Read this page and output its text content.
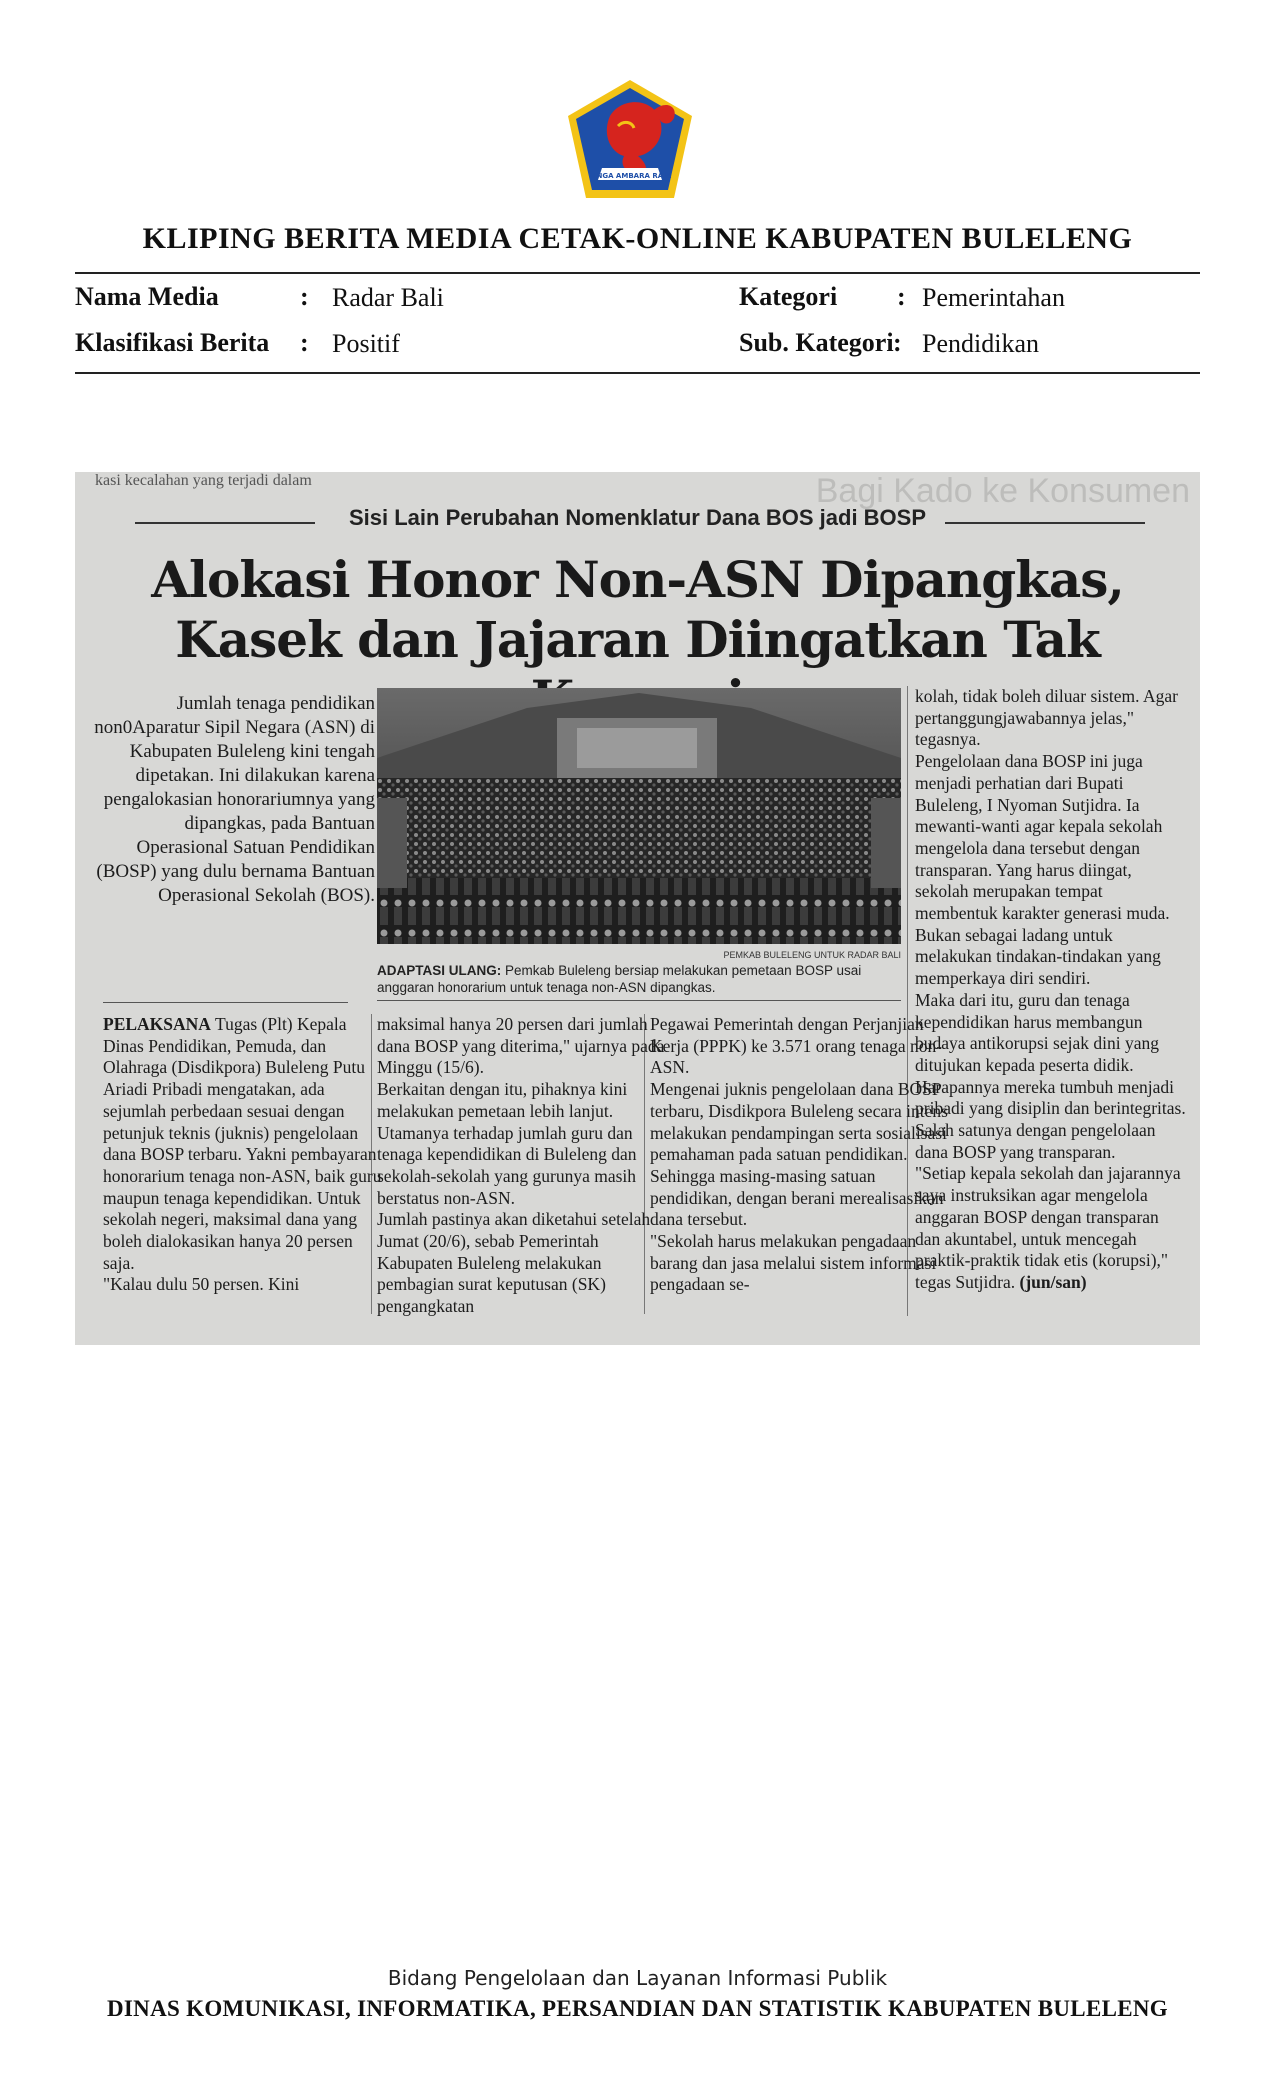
SINGA AMBARA RAJA
KLIPING BERITA MEDIA CETAK-ONLINE KABUPATEN BULELENG
Nama Media	: Radar Bali	Kategori : Pemerintahan
Klasifikasi Berita : Positif	Sub. Kategori : Pendidikan
kasi kecalahan yang terjadi dalam	Bagi Kado ke Konsumen
Sisi Lain Perubahan Nomenklatur Dana BOS jadi BOSP
Alokasi Honor Non-ASN Dipangkas,
Kasek dan Jajaran Diingatkan Tak

Jumlah tenaga pendidikan non0Aparatur Sipil Negara (ASN) di Kabupaten Buleleng kini tengah dipetakan. Ini dilakukan karena pengalokasian honorariumnya yang dipangkas, pada Bantuan Operasional Satuan Pendidikan (BOSP) yang dulu bernama Bantuan Operasional Sekolah (BOS).

PEMKAB BULELENG UNTUK RADAR BALI
ADAPTASI ULANG: Pemkab Buleleng bersiap melakukan pemetaan BOSP usai anggaran honorarium untuk tenaga non-ASN dipangkas.
PELAKSANA Tugas (Plt) Kepala Dinas Pendidikan, Pemuda, dan Olahraga (Disdikpora) Buleleng Putu Ariadi Pribadi mengatakan, ada sejumlah perbedaan sesuai dengan petunjuk teknis (juknis) pengelolaan dana BOSP terbaru. Yakni pembayaran honorarium tenaga non-ASN, baik guru maupun tenaga kependidikan. Untuk sekolah negeri, maksimal dana yang boleh dialokasikan hanya 20 persen saja.
"Kalau dulu 50 persen. Kini
maksimal hanya 20 persen dari jumlah dana BOSP yang diterima," ujarnya pada Minggu (15/6).
Berkaitan dengan itu, pihaknya kini melakukan pemetaan lebih lanjut. Utamanya terhadap jumlah guru dan tenaga kependidikan di Buleleng dan sekolah-sekolah yang gurunya masih berstatus non-ASN.
Jumlah pastinya akan diketahui setelah Jumat (20/6), sebab Pemerintah Kabupaten Buleleng melakukan pembagian surat keputusan (SK) pengangkatan
Pegawai Pemerintah dengan Perjanjian Kerja (PPPK) ke 3.571 orang tenaga non-ASN.
Mengenai juknis pengelolaan dana BOSP terbaru, Disdikpora Buleleng secara intens melakukan pendampingan serta sosialisasi pemahaman pada satuan pendidikan. Sehingga masing-masing satuan pendidikan, dengan berani merealisasikan dana tersebut.
"Sekolah harus melakukan pengadaan barang dan jasa melalui sistem informasi pengadaan se-
kolah, tidak boleh diluar sistem. Agar pertanggungjawabannya jelas," tegasnya.
Pengelolaan dana BOSP ini juga menjadi perhatian dari Bupati Buleleng, I Nyoman Sutjidra. Ia mewanti-wanti agar kepala sekolah mengelola dana tersebut dengan transparan. Yang harus diingat, sekolah merupakan tempat membentuk karakter generasi muda. Bukan sebagai ladang untuk melakukan tindakan-tindakan yang memperkaya diri sendiri.
Maka dari itu, guru dan tenaga kependidikan harus membangun budaya antikorupsi sejak dini yang ditujukan kepada peserta didik. Harapannya mereka tumbuh menjadi pribadi yang disiplin dan berintegritas. Salah satunya dengan pengelolaan dana BOSP yang transparan.
"Setiap kepala sekolah dan jajarannya saya instruksikan agar mengelola anggaran BOSP dengan transparan dan akuntabel, untuk mencegah praktik-praktik tidak etis (korupsi)," tegas Sutjidra. (jun/san)
Bidang Pengelolaan dan Layanan Informasi Publik
DINAS KOMUNIKASI, INFORMATIKA, PERSANDIAN DAN STATISTIK KABUPATEN BULELENG
